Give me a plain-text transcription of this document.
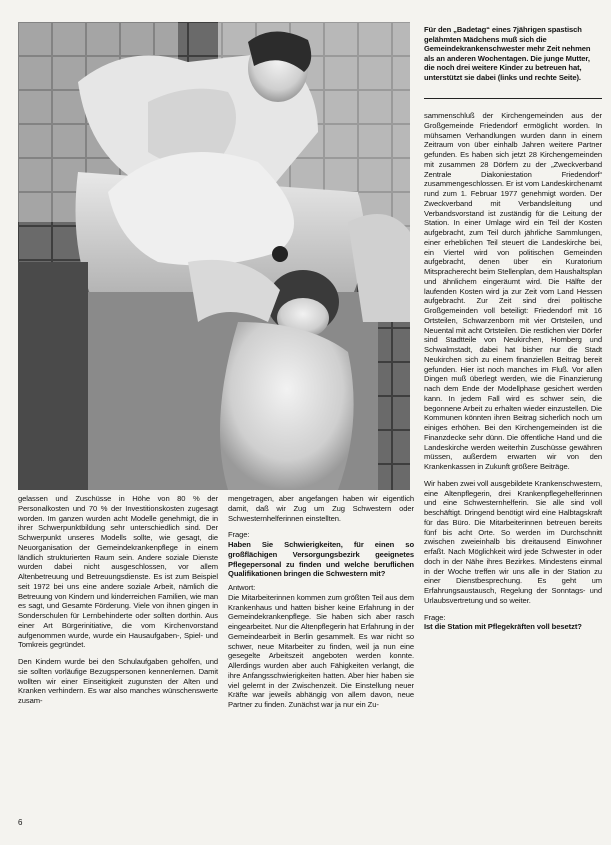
Für den „Badetag“ eines 7jährigen spastisch gelähmten Mädchens muß sich die Gemeindekrankenschwester mehr Zeit nehmen als an anderen Wochentagen. Die junge Mutter, die noch drei weitere Kinder zu betreuen hat, unterstützt sie dabei (links und rechte Seite).

gelassen und Zuschüsse in Höhe von 80 % der Personalkosten und 70 % der Investitionskosten zugesagt worden. Im ganzen wurden acht Modelle genehmigt, die in ihrer Schwerpunktbildung sehr unterschiedlich sind. Der Schwerpunkt unseres Modells sollte, wie gesagt, die Neuorganisation der Gemeindekrankenpflege in einem ländlich strukturierten Raum sein. Andere soziale Dienste wurden dabei nicht ausgeschlossen, vor allem Altenbetreuung und Betreuungsdienste. Es ist zum Beispiel seit 1972 bei uns eine andere soziale Arbeit, nämlich die Betreuung von Kindern und kinderreichen Familien, wie man es sagt, und Gesamte Förderung. Viele von ihnen gingen in Sonderschulen für Lernbehinderte oder sollten dorthin. Aus einer Art Bürgerinitiative, die vom Kirchenvorstand aufgenommen wurde, wurde ein Hausaufgaben-, Spiel- und Tomkreis gegründet.

Den Kindern wurde bei den Schulaufgaben geholfen, und sie sollten vorläufige Bezugspersonen kennenlernen. Damit wollten wir einer Einseitigkeit zugunsten der Alten und Kranken verhindern. Es war also manches wünschenswerte zusam-

mengetragen, aber angefangen haben wir eigentlich damit, daß wir Zug um Zug Schwestern oder Schwesternhelferinnen einstellten.

Frage:

Haben Sie Schwierigkeiten, für einen so großflächigen Versorgungsbezirk geeignetes Pflegepersonal zu finden und welche beruflichen Qualifikationen bringen die Schwestern mit?

Antwort:

Die Mitarbeiterinnen kommen zum größten Teil aus dem Krankenhaus und hatten bisher keine Erfahrung in der Gemeindekrankenpflege. Sie haben sich aber rasch eingearbeitet. Nur die Altenpflegerin hat Erfahrung in der Gemeindearbeit in Berlin gesammelt. Es war nicht so schwer, neue Mitarbeiter zu finden, weil ja nun eine gesegelte Arbeitszeit angeboten werden konnte. Allerdings wurden aber auch Fähigkeiten verlangt, die ihre Anfangsschwierigkeiten hatten. Aber hier haben sie viel gelernt in der Zwischenzeit. Die Einstellung neuer Kräfte war jeweils abhängig von allem davon, neue Partner zu finden. Zunächst war ja nur ein Zu-

sammenschluß der Kirchengemeinden aus der Großgemeinde Friedendorf ermöglicht worden. In mühsamen Verhandlungen wurden dann in einem Zeitraum von über einhalb Jahren weitere Partner gefunden. Es haben sich jetzt 28 Kirchengemeinden mit zusammen 28 Dörfern zu der „Zweckverband Zentrale Diakoniestation Friedendorf“ zusammengeschlossen. Er ist vom Landeskirchenamt rund zum 1. Februar 1977 genehmigt worden. Der Zweckverband mit Verbandsleitung und Verbandsvorstand ist zuständig für die Leitung der Station. In einer Umlage wird ein Teil der Kosten aufgebracht, zum Teil durch jährliche Sammlungen, einer erheblichen Teil steuert die Landeskirche bei, ein Viertel wird von politischen Gemeinden aufgebracht, denen über ein Kuratorium Mitspracherecht beim Stellenplan, dem Haushaltsplan und ähnlichem eingeräumt wird. Die Hälfte der laufenden Kosten wird ja zur Zeit vom Land Hessen aufgebracht. Zur Zeit sind drei politische Großgemeinden voll beteiligt: Friedendorf mit 16 Ortsteilen, Schwarzenborn mit vier Ortsteilen, und Neuental mit acht Ortsteilen. Die restlichen vier Dörfer sind Stadtteile von Neukirchen, Homberg und Schwalmstadt, dabei hat bisher nur die Stadt Neukirchen sich zu einem finanziellen Beitrag bereit gefunden. Hier ist noch manches im Fluß. Vor allen Dingen muß überlegt werden, wie die Finanzierung nach dem Ende der Modellphase gesichert werden kann. In jedem Fall wird es schwer sein, die begonnene Arbeit zu erhalten wieder einzustellen. Die Kommunen könnten ihren Beitrag sicherlich noch um einiges erhöhen. Bei den Kirchengemeinden ist die Finanzdecke sehr dünn. Die öffentliche Hand und die Landeskirche werden weiterhin Zuschüsse gewähren müssen, außerdem erwarten wir von den Krankenkassen in Zukunft größere Beiträge.

Wir haben zwei voll ausgebildete Krankenschwestern, eine Altenpflegerin, drei Krankenpflegehelferinnen und eine Schwesternhelferin. Sie alle sind voll beschäftigt. Dringend benötigt wird eine Halbtagskraft für das Büro. Die Mitarbeiterinnen betreuen bereits fünf bis acht Orte. So werden im Durchschnitt zwischen zweieinhalb bis dreitausend Einwohner erfaßt. Nach Möglichkeit wird jede Schwester in oder doch in der Nähe ihres Bezirkes. Mindestens einmal in der Woche treffen wir uns alle in der Station zu einer Dienstbesprechung. Es geht um Erfahrungsaustausch, Regelung der Sonntags- und Urlaubsvertretung und so weiter.

Frage:

Ist die Station mit Pflegekräften voll besetzt?

6
